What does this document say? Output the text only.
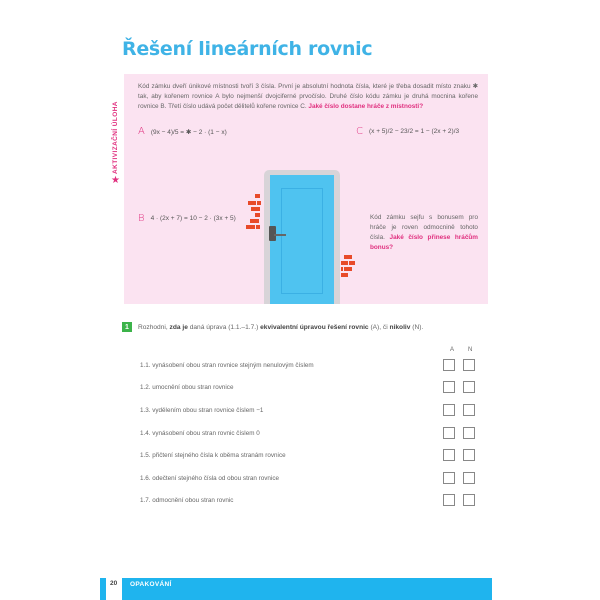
Řešení lineárních rovnic
AKTIVIZAČNÍ ÚLOHA
★
Kód zámku dveří únikové místnosti tvoří 3 čísla. První je absolutní hodnota čísla, které je třeba dosadit místo znaku ✱ tak, aby kořenem rovnice A bylo nejmenší dvojciferné prvočíslo. Druhé číslo kódu zámku je druhá mocnina kořene rovnice B. Třetí číslo udává počet dělitelů kořene rovnice C. Jaké číslo dostane hráče z místnosti?
A (9x − 4)/5 = ✱ − 2 · (1 − x)	C (x + 5)/2 − 23/2 = 1 − (2x + 2)/3
B 4 · (2x + 7) = 10 − 2 · (3x + 5)	Kód zámku sejfu s bonusem pro hráče je roven odmocnině tohoto čísla. Jaké číslo přinese hráčům bonus?
1	Rozhodni,
zda je
daná úprava (1.1.–1.7.)
ekvivalentní úpravou řešení rovnic
(A), či
nikoliv
(N).
A N
1.1. vynásobení obou stran rovnice stejným nenulovým číslem
1.2. umocnění obou stran rovnice
1.3. vydělením obou stran rovnice číslem −1
1.4. vynásobení obou stran rovnic číslem 0
1.5. přičtení stejného čísla k oběma stranám rovnice
1.6. odečtení stejného čísla od obou stran rovnice
1.7. odmocnění obou stran rovnic
20 OPAKOVÁNÍ
